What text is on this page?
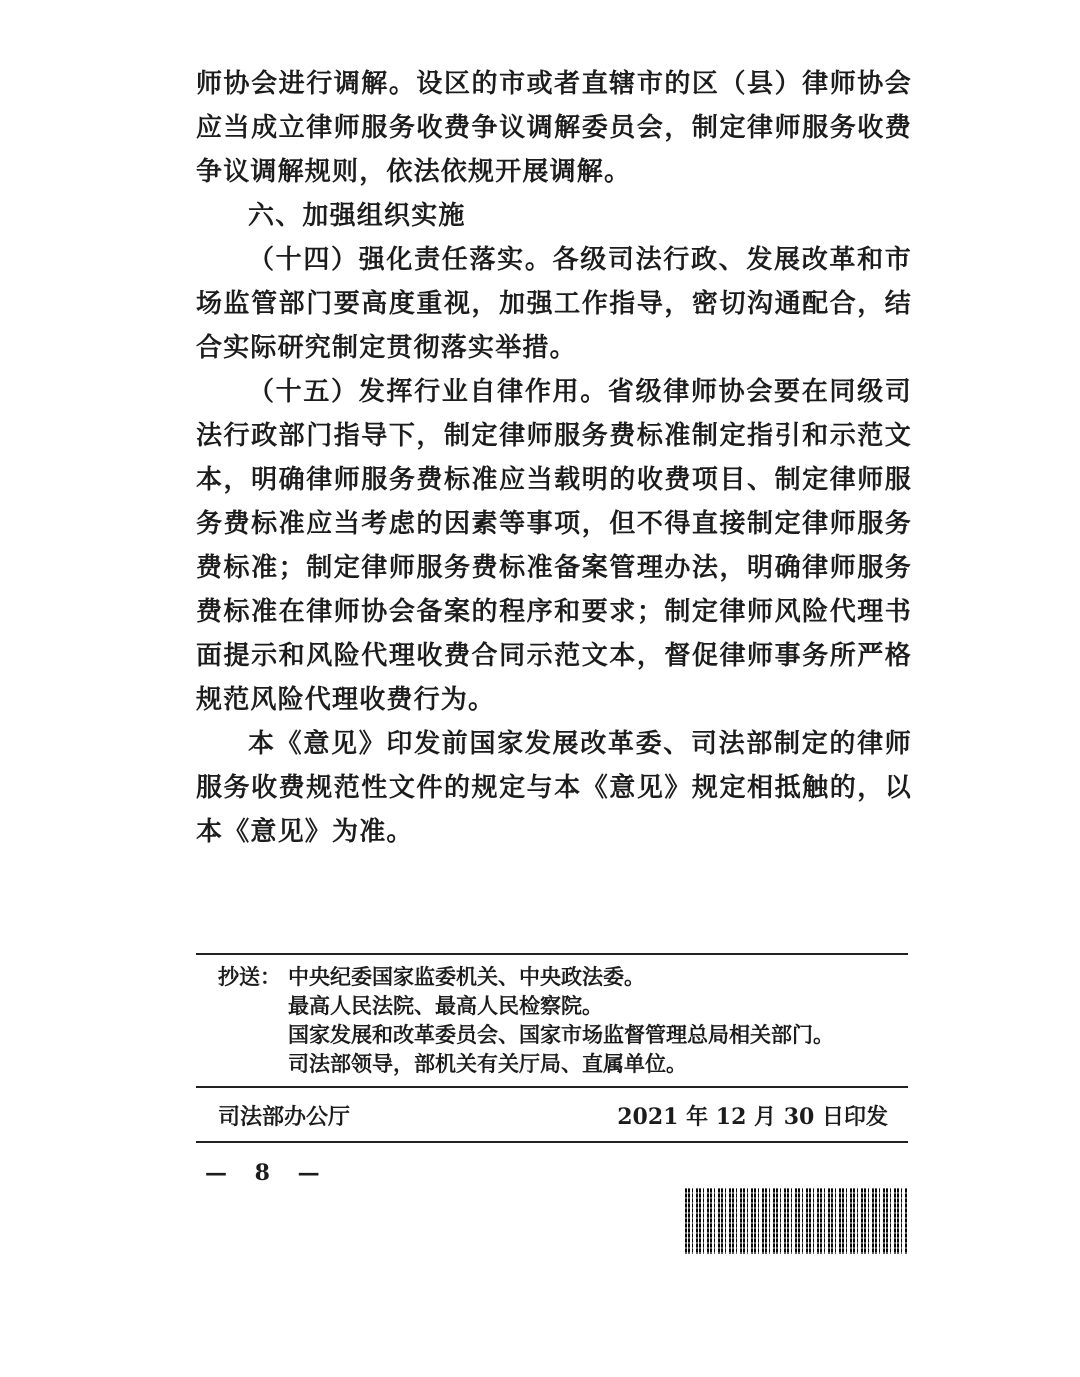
师协会进行调解。设区的市或者直辖市的区（县）律师协会应当成立律师服务收费争议调解委员会，制定律师服务收费争议调解规则，依法依规开展调解。

六、加强组织实施

（十四）强化责任落实。各级司法行政、发展改革和市场监管部门要高度重视，加强工作指导，密切沟通配合，结合实际研究制定贯彻落实举措。

（十五）发挥行业自律作用。省级律师协会要在同级司法行政部门指导下，制定律师服务费标准制定指引和示范文本，明确律师服务费标准应当载明的收费项目、制定律师服务费标准应当考虑的因素等事项，但不得直接制定律师服务费标准；制定律师服务费标准备案管理办法，明确律师服务费标准在律师协会备案的程序和要求；制定律师风险代理书面提示和风险代理收费合同示范文本，督促律师事务所严格规范风险代理收费行为。

本《意见》印发前国家发展改革委、司法部制定的律师服务收费规范性文件的规定与本《意见》规定相抵触的，以本《意见》为准。

抄送： 中央纪委国家监委机关、中央政法委。
最高人民法院、最高人民检察院。
国家发展和改革委员会、国家市场监督管理总局相关部门。
司法部领导，部机关有关厅局、直属单位。
司法部办公厅	2021 年 12 月 30 日印发
— 8 —
